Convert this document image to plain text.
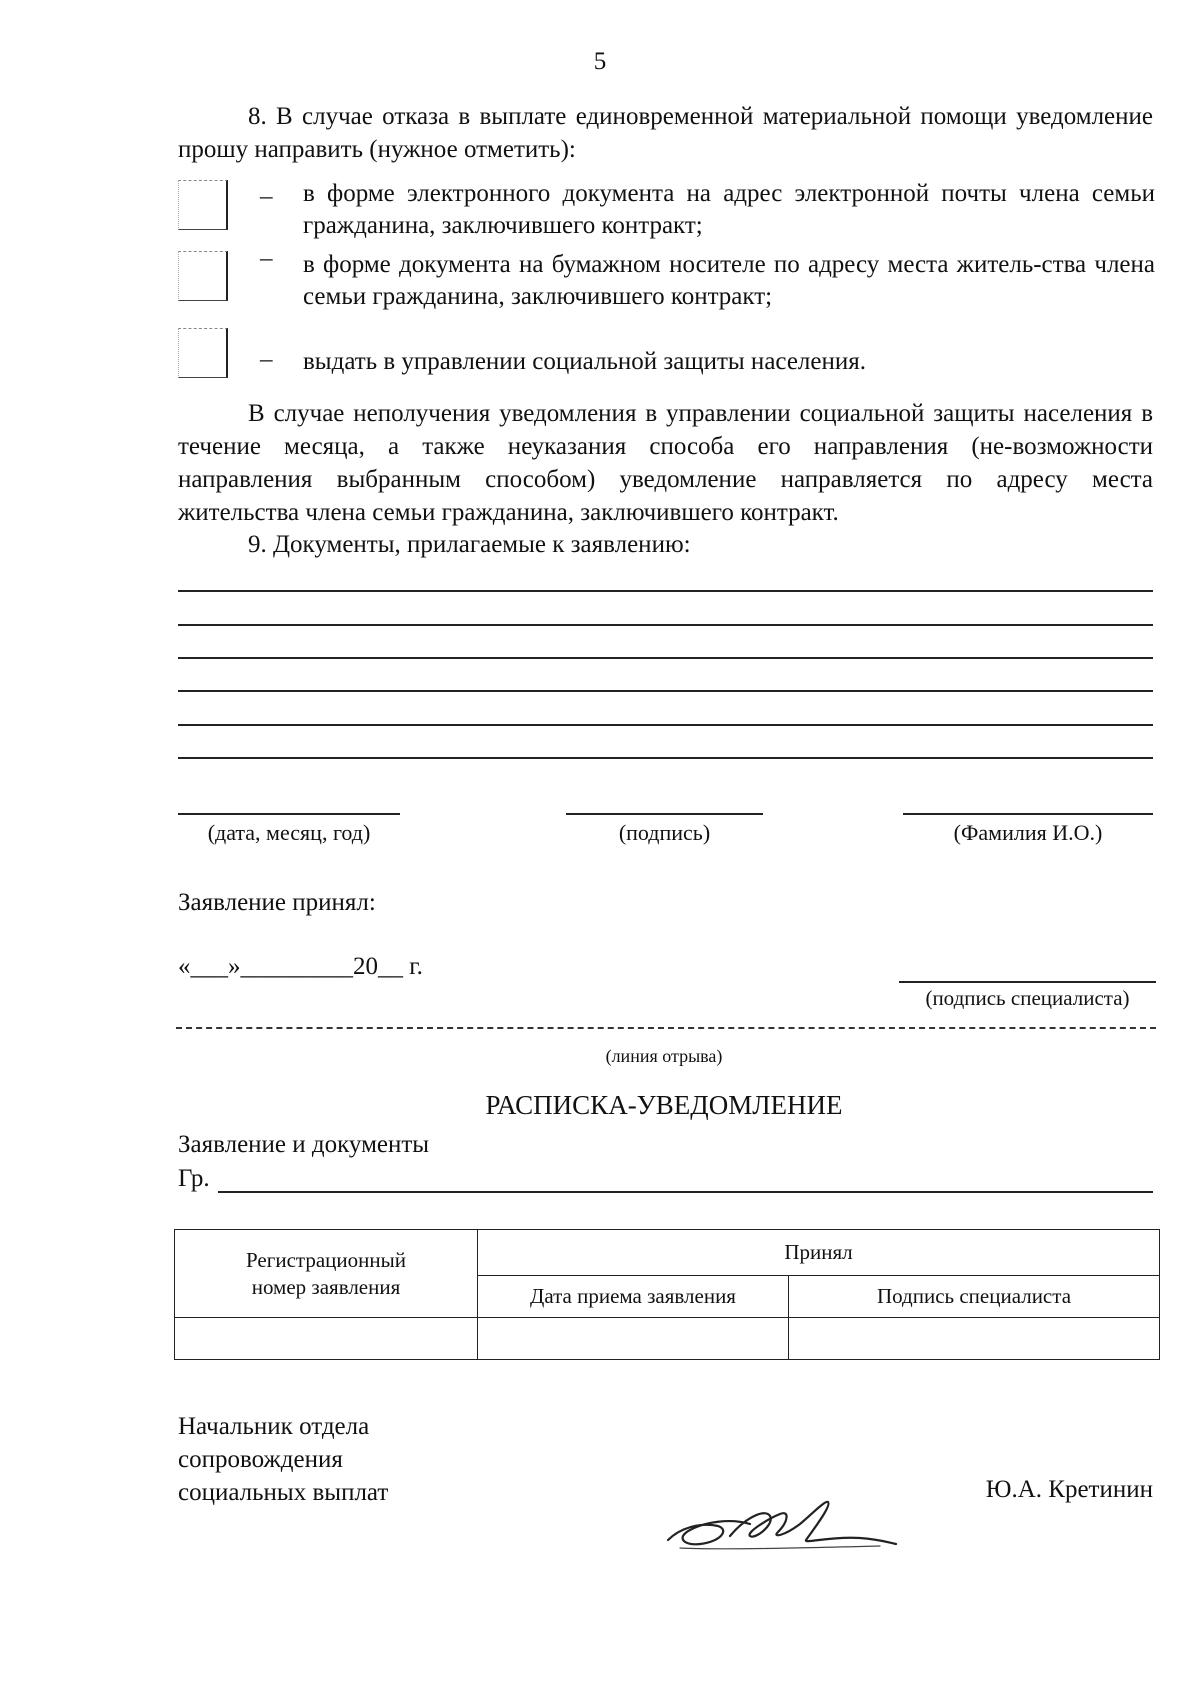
5
8. В случае отказа в выплате единовременной материальной помощи уведомление прошу направить (нужное отметить):
_ в форме электронного документа на адрес электронной почты члена семьи гражданина, заключившего контракт;
– в форме документа на бумажном носителе по адресу места житель-ства члена семьи гражданина, заключившего контракт;
– выдать в управлении социальной защиты населения.
В случае неполучения уведомления в управлении социальной защиты населения в течение месяца, а также неуказания способа его направления (не-возможности направления выбранным способом) уведомление направляется по адресу места жительства члена семьи гражданина, заключившего контракт.
9. Документы, прилагаемые к заявлению:
(дата, месяц, год)	(подпись)	(Фамилия И.О.)
Заявление принял:
«___»_________20__ г.
(подпись специалиста)
(линия отрыва)
РАСПИСКА-УВЕДОМЛЕНИЕ
Заявление и документы
Гр.
Регистрационный номер заявления	Принял	
	Дата приема заявления	Подпись специалиста

Начальник отдела
сопровождения
социальных выплат	Ю.А. Кретинин
